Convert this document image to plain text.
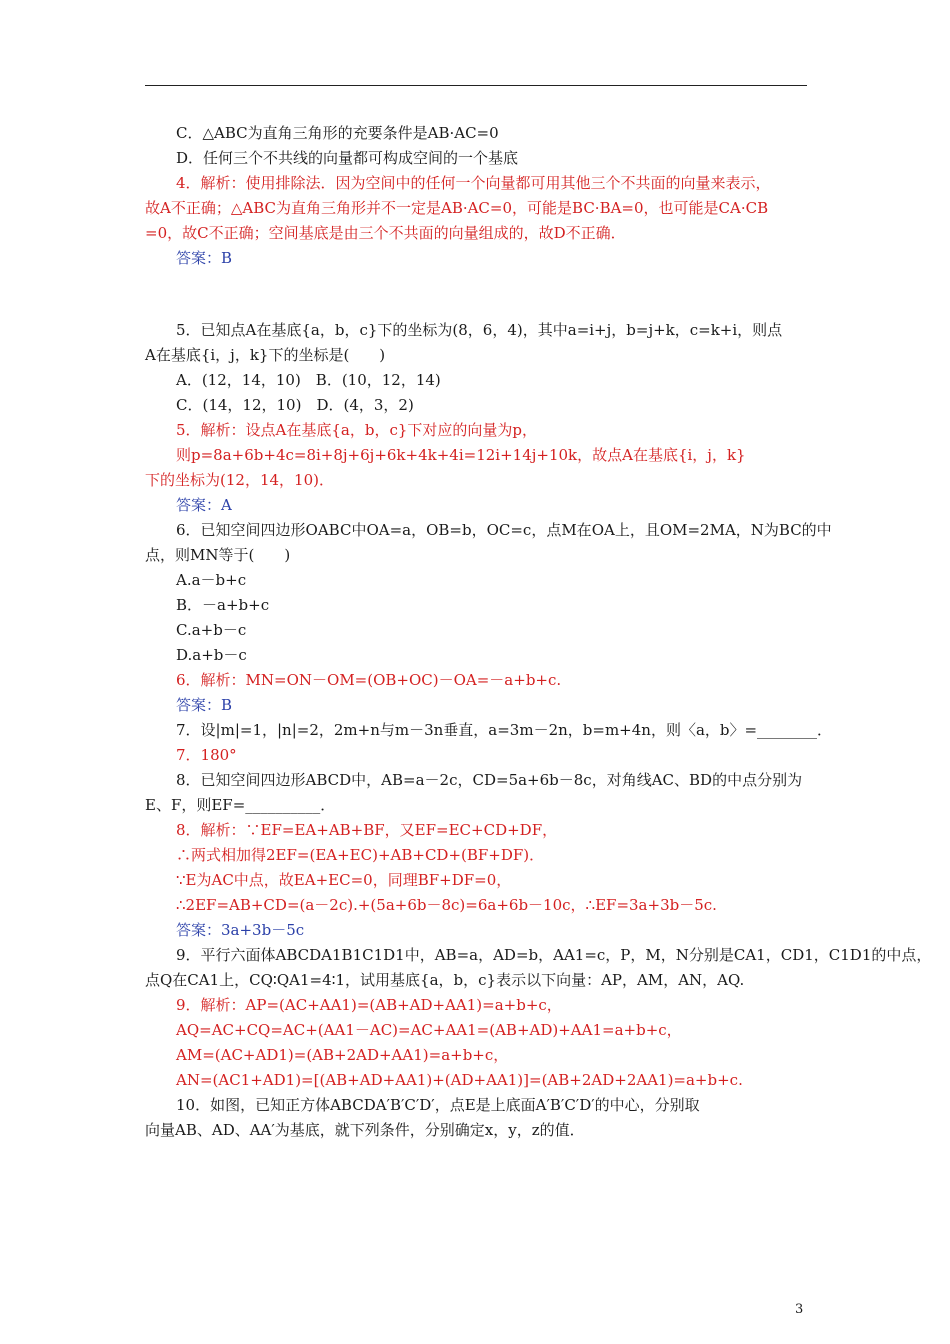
C．△ABC为直角三角形的充要条件是AB·AC=0
D．任何三个不共线的向量都可构成空间的一个基底
4．解析：使用排除法．因为空间中的任何一个向量都可用其他三个不共面的向量来表示，
故A不正确；△ABC为直角三角形并不一定是AB·AC=0，可能是BC·BA=0，也可能是CA·CB
=0，故C不正确；空间基底是由三个不共面的向量组成的，故D不正确．
答案：B
5．已知点A在基底{a，b，c}下的坐标为(8，6，4)，其中a=i+j，b=j+k，c=k+i，则点
A在基底{i，j，k}下的坐标是(　　)
A．(12，14，10)　B．(10，12，14)
C．(14，12，10)　D．(4，3，2)
5．解析：设点A在基底{a，b，c}下对应的向量为p，
则p=8a+6b+4c=8i+8j+6j+6k+4k+4i=12i+14j+10k，故点A在基底{i，j，k}
下的坐标为(12，14，10)．
答案：A
6．已知空间四边形OABC中OA=a，OB=b，OC=c，点M在OA上，且OM=2MA，N为BC的中
点，则MN等于(　　)
A.a－b+c
B．－a+b+c
C.a+b－c
D.a+b－c
6．解析：MN=ON－OM=(OB+OC)－OA=－a+b+c.
答案：B
7．设|m|=1，|n|=2，2m+n与m－3n垂直，a=3m－2n，b=m+4n，则〈a，b〉=________．
7．180°
8．已知空间四边形ABCD中，AB=a－2c，CD=5a+6b－8c，对角线AC、BD的中点分别为
E、F，则EF=__________．
8．解析：∵EF=EA+AB+BF，又EF=EC+CD+DF，
∴两式相加得2EF=(EA+EC)+AB+CD+(BF+DF)．
∵E为AC中点，故EA+EC=0，同理BF+DF=0，
∴2EF=AB+CD=(a－2c).+(5a+6b－8c)=6a+6b－10c，∴EF=3a+3b－5c.
答案：3a+3b－5c
9．平行六面体ABCDA1B1C1D1中，AB=a，AD=b，AA1=c，P，M，N分别是CA1，CD1，C1D1的中点，
点Q在CA1上，CQ∶QA1=4∶1，试用基底{a，b，c}表示以下向量：AP，AM，AN，AQ.
9．解析：AP=(AC+AA1)=(AB+AD+AA1)=a+b+c，
AQ=AC+CQ=AC+(AA1－AC)=AC+AA1=(AB+AD)+AA1=a+b+c，
AM=(AC+AD1)=(AB+2AD+AA1)=a+b+c，
AN=(AC1+AD1)=[(AB+AD+AA1)+(AD+AA1)]=(AB+2AD+2AA1)=a+b+c.
10．如图，已知正方体ABCDA′B′C′D′，点E是上底面A′B′C′D′的中心，分别取
向量AB、AD、AA′为基底，就下列条件，分别确定x，y，z的值．
3
